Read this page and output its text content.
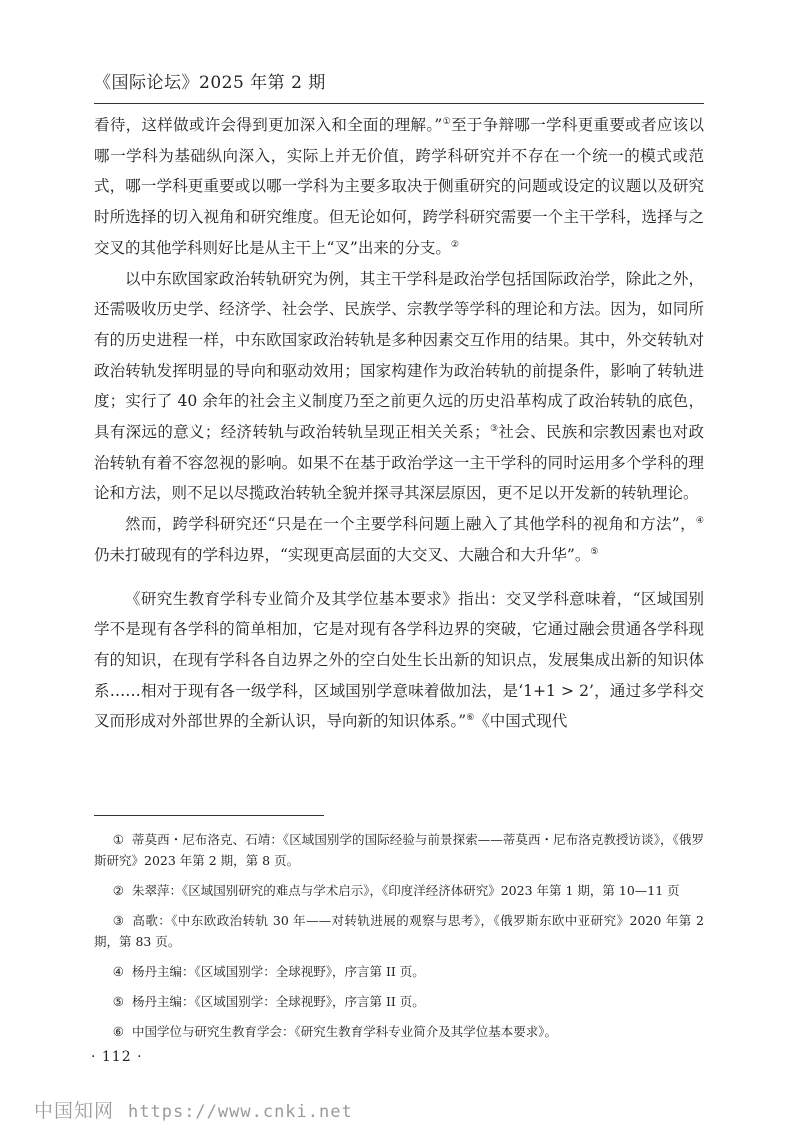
《国际论坛》2025 年第 2 期

看待，这样做或许会得到更加深入和全面的理解。”①至于争辩哪一学科更重要或者应该以哪一学科为基础纵向深入，实际上并无价值，跨学科研究并不存在一个统一的模式或范式，哪一学科更重要或以哪一学科为主要多取决于侧重研究的问题或设定的议题以及研究时所选择的切入视角和研究维度。但无论如何，跨学科研究需要一个主干学科，选择与之交叉的其他学科则好比是从主干上“叉”出来的分支。②

以中东欧国家政治转轨研究为例，其主干学科是政治学包括国际政治学，除此之外，还需吸收历史学、经济学、社会学、民族学、宗教学等学科的理论和方法。因为，如同所有的历史进程一样，中东欧国家政治转轨是多种因素交互作用的结果。其中，外交转轨对政治转轨发挥明显的导向和驱动效用；国家构建作为政治转轨的前提条件，影响了转轨进度；实行了 40 余年的社会主义制度乃至之前更久远的历史沿革构成了政治转轨的底色，具有深远的意义；经济转轨与政治转轨呈现正相关关系；③社会、民族和宗教因素也对政治转轨有着不容忽视的影响。如果不在基于政治学这一主干学科的同时运用多个学科的理论和方法，则不足以尽揽政治转轨全貌并探寻其深层原因，更不足以开发新的转轨理论。

然而，跨学科研究还“只是在一个主要学科问题上融入了其他学科的视角和方法”，④仍未打破现有的学科边界，“实现更高层面的大交叉、大融合和大升华”。⑤

《研究生教育学科专业简介及其学位基本要求》指出：交叉学科意味着，“区域国别学不是现有各学科的简单相加，它是对现有各学科边界的突破，它通过融会贯通各学科现有的知识，在现有学科各自边界之外的空白处生长出新的知识点，发展集成出新的知识体系……相对于现有各一级学科，区域国别学意味着做加法，是‘1+1 > 2’，通过多学科交叉而形成对外部世界的全新认识，导向新的知识体系。”⑥《中国式现代

① 蒂莫西・尼布洛克、石靖：《区域国别学的国际经验与前景探索——蒂莫西・尼布洛克教授访谈》，《俄罗斯研究》2023 年第 2 期，第 8 页。

② 朱翠萍：《区域国别研究的难点与学术启示》，《印度洋经济体研究》2023 年第 1 期，第 10—11 页

③ 高歌：《中东欧政治转轨 30 年——对转轨进展的观察与思考》，《俄罗斯东欧中亚研究》2020 年第 2 期，第 83 页。

④ 杨丹主编：《区域国别学：全球视野》，序言第 II 页。

⑤ 杨丹主编：《区域国别学：全球视野》，序言第 II 页。

⑥ 中国学位与研究生教育学会：《研究生教育学科专业简介及其学位基本要求》。

· 112 ·
中国知网 https://www.cnki.net
